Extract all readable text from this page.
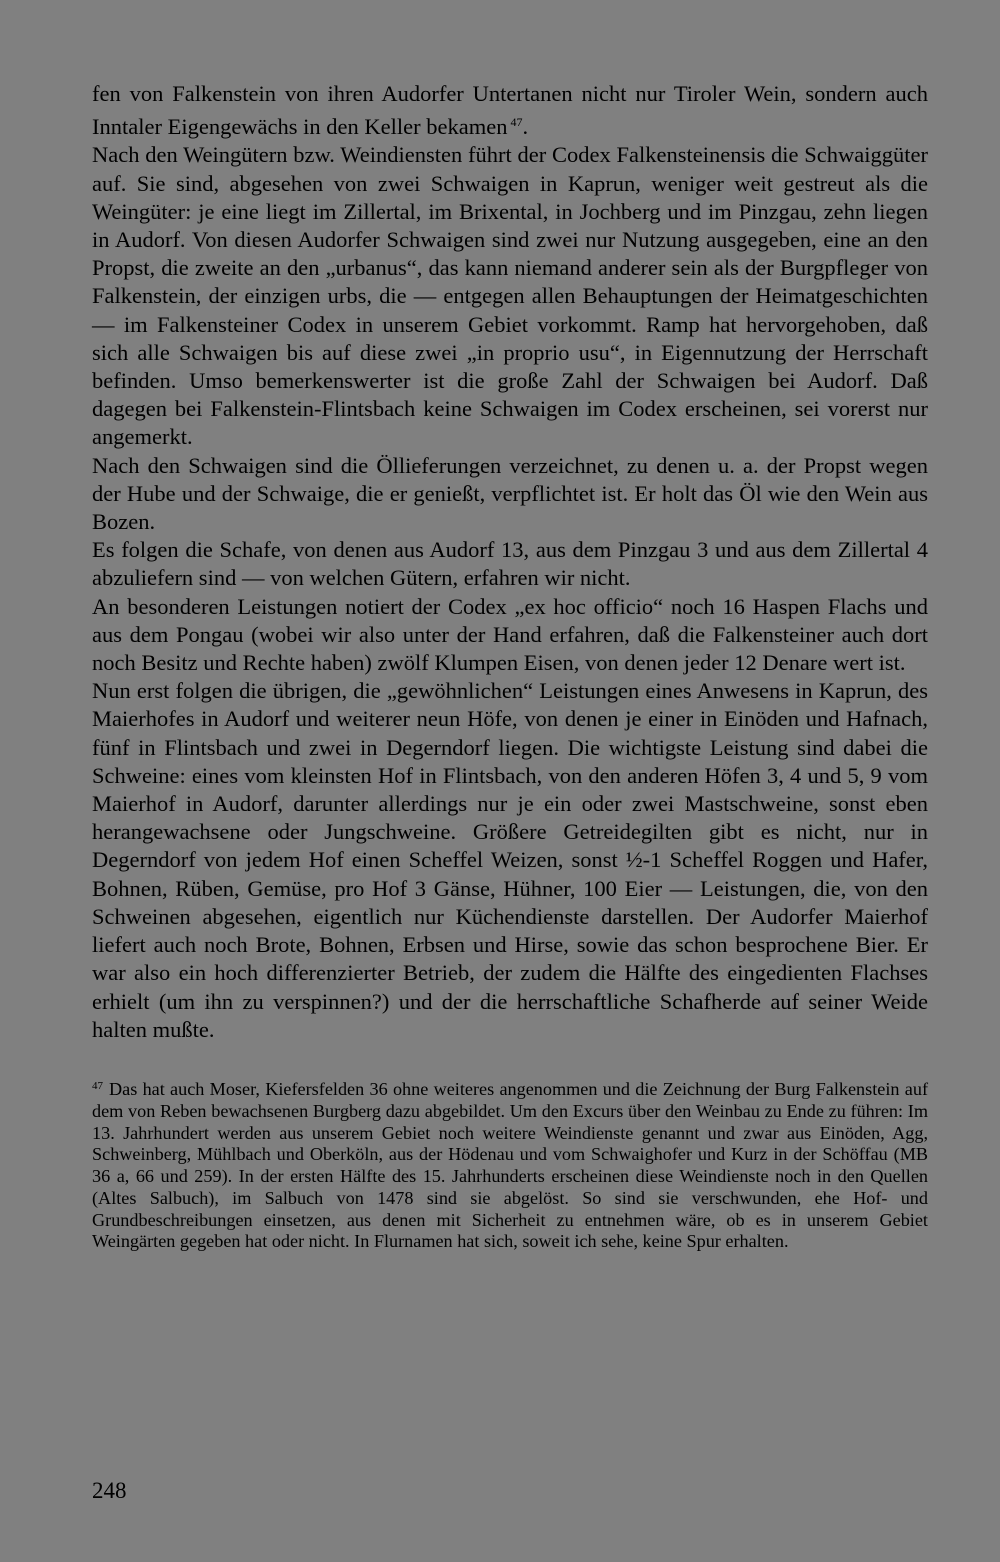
fen von Falkenstein von ihren Audorfer Untertanen nicht nur Tiroler Wein, sondern auch Inntaler Eigengewächs in den Keller bekamen $^{47}$.

Nach den Weingütern bzw. Weindiensten führt der Codex Falkensteinensis die Schwaiggüter auf. Sie sind, abgesehen von zwei Schwaigen in Kaprun, weniger weit gestreut als die Weingüter: je eine liegt im Zillertal, im Brixental, in Jochberg und im Pinzgau, zehn liegen in Audorf. Von diesen Audorfer Schwaigen sind zwei nur Nutzung ausgegeben, eine an den Propst, die zweite an den „urbanus“, das kann niemand anderer sein als der Burgpfleger von Falkenstein, der einzigen urbs, die — entgegen allen Behauptungen der Heimatgeschichten — im Falkensteiner Codex in unserem Gebiet vorkommt. Ramp hat hervorgehoben, daß sich alle Schwaigen bis auf diese zwei „in proprio usu“, in Eigennutzung der Herrschaft befinden. Umso bemerkenswerter ist die große Zahl der Schwaigen bei Audorf. Daß dagegen bei Falkenstein-Flintsbach keine Schwaigen im Codex erscheinen, sei vorerst nur angemerkt.

Nach den Schwaigen sind die Öllieferungen verzeichnet, zu denen u. a. der Propst wegen der Hube und der Schwaige, die er genießt, verpflichtet ist. Er holt das Öl wie den Wein aus Bozen.

Es folgen die Schafe, von denen aus Audorf 13, aus dem Pinzgau 3 und aus dem Zillertal 4 abzuliefern sind — von welchen Gütern, erfahren wir nicht.

An besonderen Leistungen notiert der Codex „ex hoc officio“ noch 16 Haspen Flachs und aus dem Pongau (wobei wir also unter der Hand erfahren, daß die Falkensteiner auch dort noch Besitz und Rechte haben) zwölf Klumpen Eisen, von denen jeder 12 Denare wert ist.

Nun erst folgen die übrigen, die „gewöhnlichen“ Leistungen eines Anwesens in Kaprun, des Maierhofes in Audorf und weiterer neun Höfe, von denen je einer in Einöden und Hafnach, fünf in Flintsbach und zwei in Degerndorf liegen. Die wichtigste Leistung sind dabei die Schweine: eines vom kleinsten Hof in Flintsbach, von den anderen Höfen 3, 4 und 5, 9 vom Maierhof in Audorf, darunter allerdings nur je ein oder zwei Mastschweine, sonst eben herangewachsene oder Jungschweine. Größere Getreidegilten gibt es nicht, nur in Degerndorf von jedem Hof einen Scheffel Weizen, sonst ½-1 Scheffel Roggen und Hafer, Bohnen, Rüben, Gemüse, pro Hof 3 Gänse, Hühner, 100 Eier — Leistungen, die, von den Schweinen abgesehen, eigentlich nur Küchendienste darstellen. Der Audorfer Maierhof liefert auch noch Brote, Bohnen, Erbsen und Hirse, sowie das schon besprochene Bier. Er war also ein hoch differenzierter Betrieb, der zudem die Hälfte des eingedienten Flachses erhielt (um ihn zu verspinnen?) und der die herrschaftliche Schafherde auf seiner Weide halten mußte.

$^{47}$ Das hat auch Moser, Kiefersfelden 36 ohne weiteres angenommen und die Zeichnung der Burg Falkenstein auf dem von Reben bewachsenen Burgberg dazu abgebildet. Um den Excurs über den Weinbau zu Ende zu führen: Im 13. Jahrhundert werden aus unserem Gebiet noch weitere Weindienste genannt und zwar aus Einöden, Agg, Schweinberg, Mühlbach und Oberköln, aus der Hödenau und vom Schwaighofer und Kurz in der Schöffau (MB 36 a, 66 und 259). In der ersten Hälfte des 15. Jahrhunderts erscheinen diese Weindienste noch in den Quellen (Altes Salbuch), im Salbuch von 1478 sind sie abgelöst. So sind sie verschwunden, ehe Hof- und Grundbeschreibungen einsetzen, aus denen mit Sicherheit zu entnehmen wäre, ob es in unserem Gebiet Weingärten gegeben hat oder nicht. In Flurnamen hat sich, soweit ich sehe, keine Spur erhalten.
248
